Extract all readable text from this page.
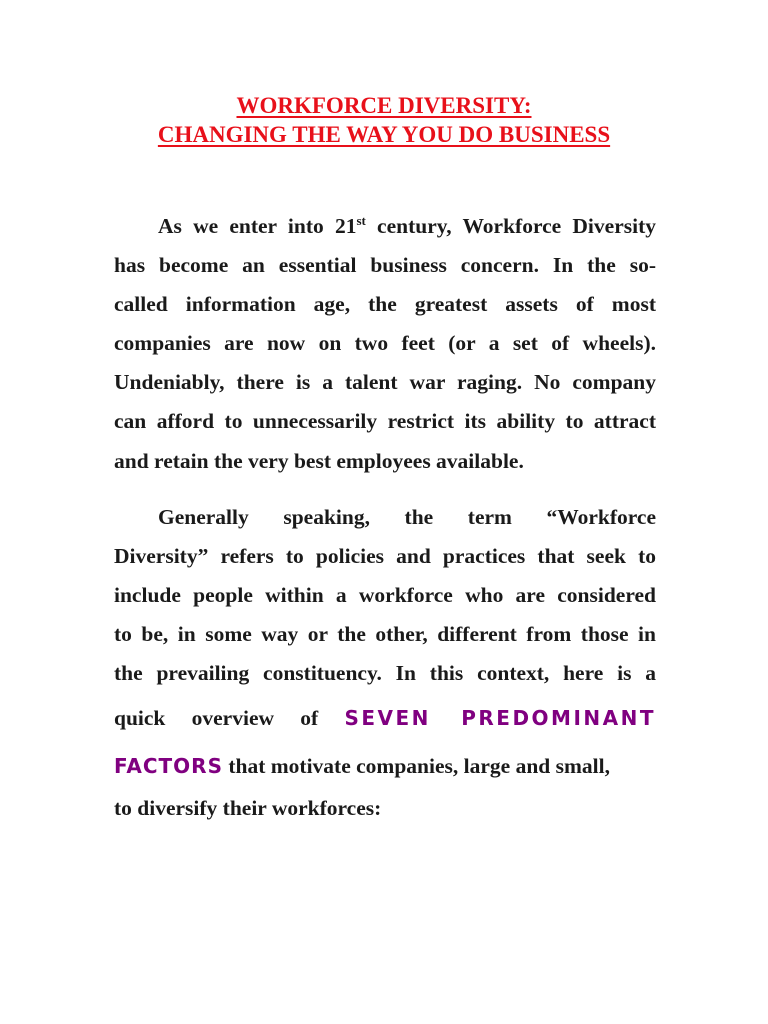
WORKFORCE DIVERSITY:
CHANGING THE WAY YOU DO BUSINESS
As we enter into 21st century, Workforce Diversity
has become an essential business concern. In the so-
called information age, the greatest assets of most
companies are now on two feet (or a set of wheels).
Undeniably, there is a talent war raging. No company
can afford to unnecessarily restrict its ability to attract
and retain the very best employees available.
Generally speaking, the term “Workforce
Diversity” refers to policies and practices that seek to
include people within a workforce who are considered
to be, in some way or the other, different from those in
the prevailing constituency. In this context, here is a
quick overview of SEVEN PREDOMINANT
FACTORS that motivate companies, large and small,
to diversify their workforces:
